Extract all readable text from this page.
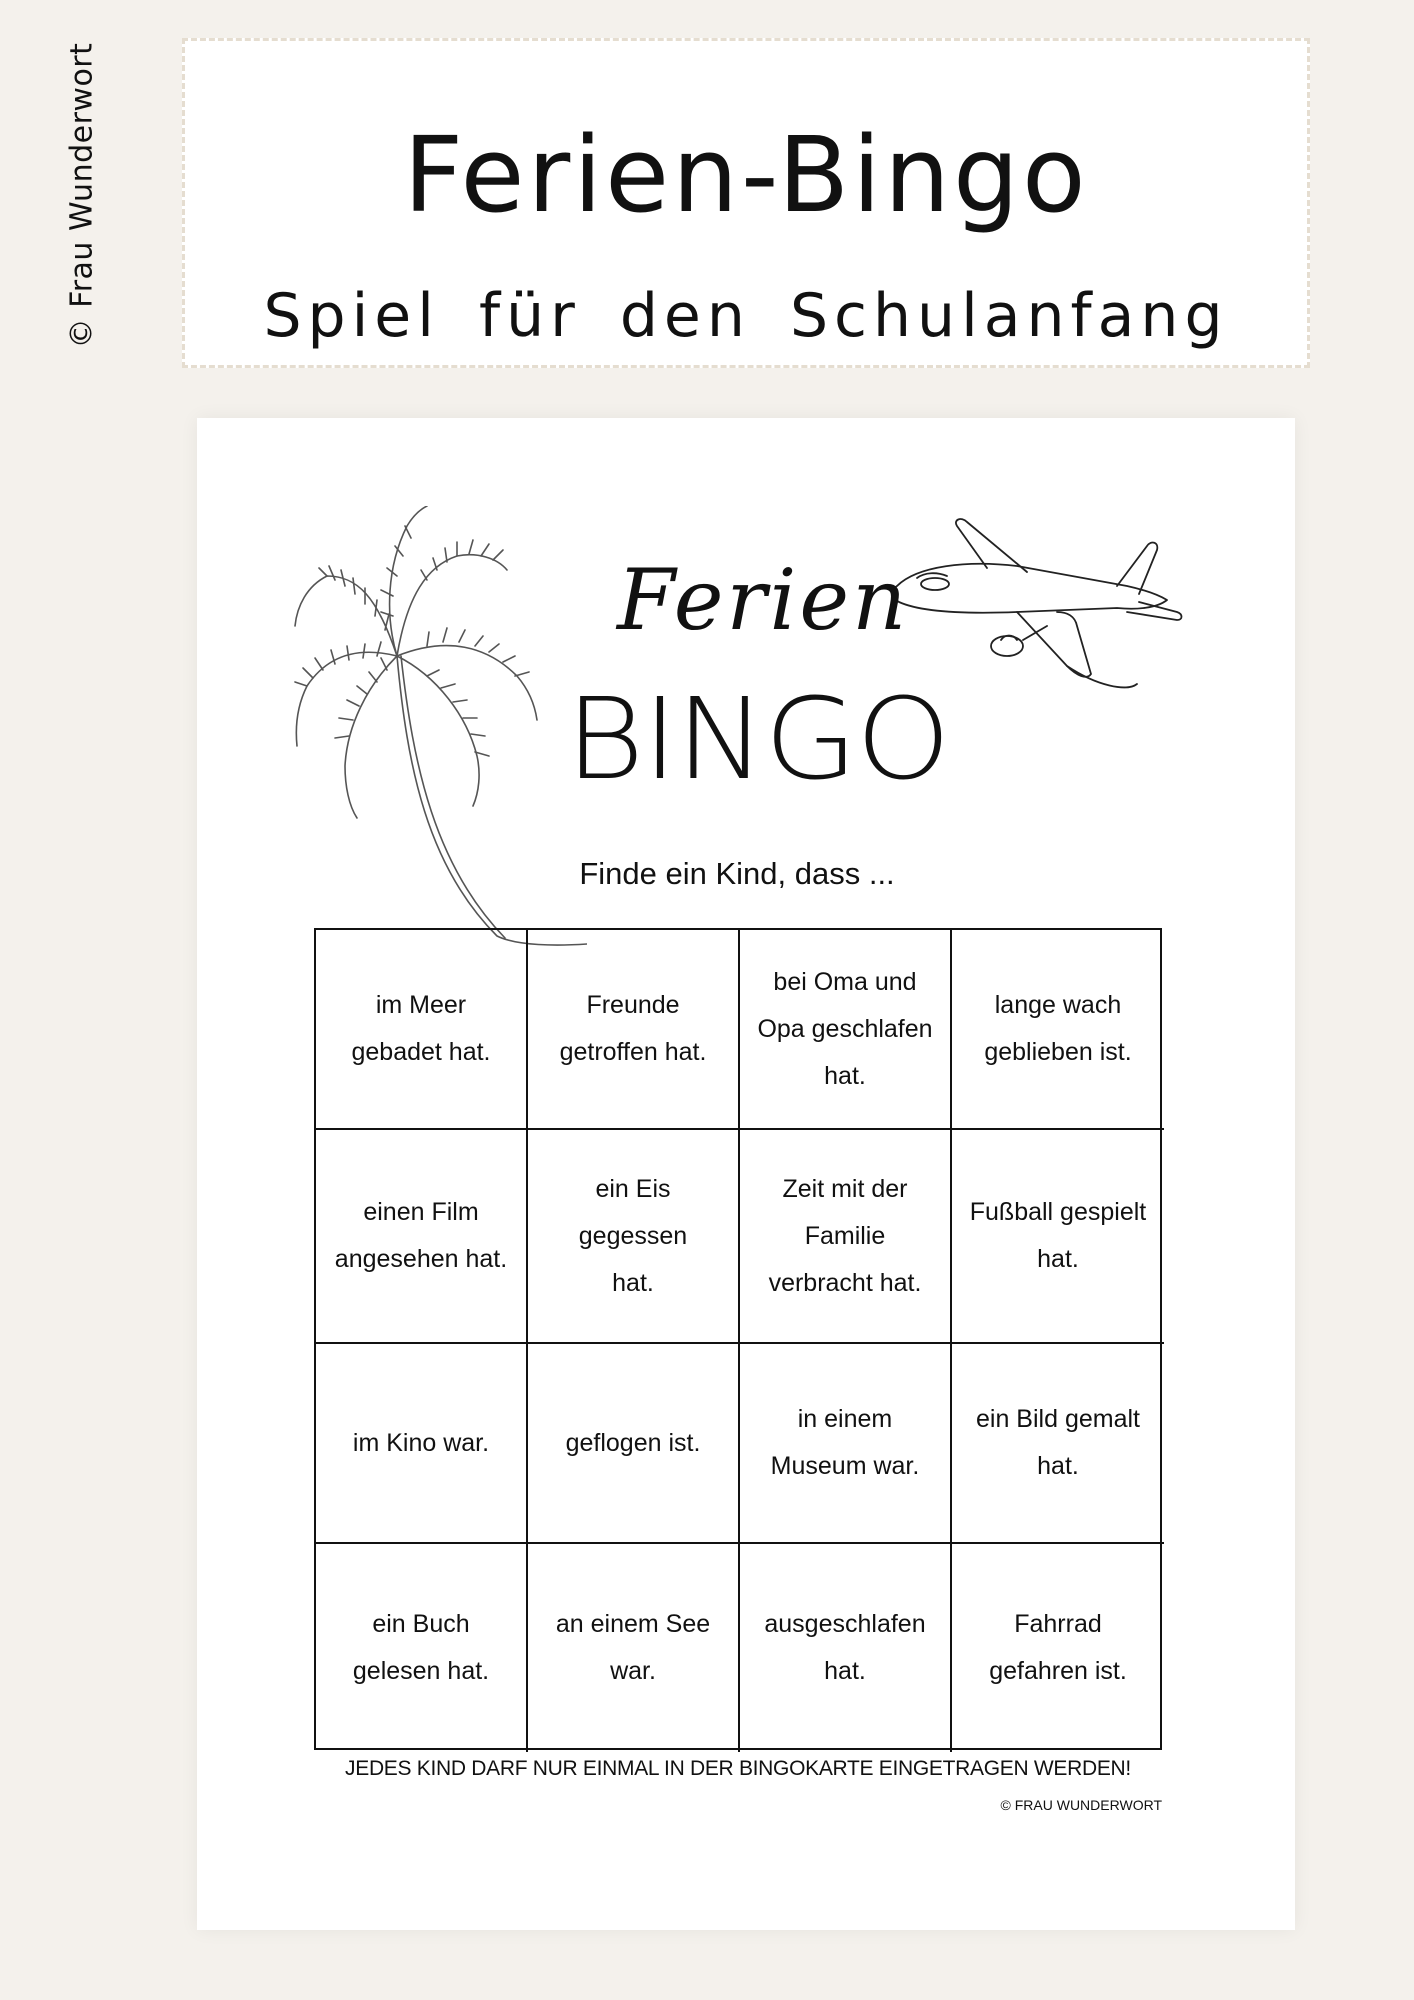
© Frau Wunderwort	Ferien-Bingo
Spiel für den Schulanfang
Ferien
BINGO
Finde ein Kind, dass ...
im Meer
gebadet hat.
Freunde
getroffen hat.
bei Oma und
Opa geschlafen
hat.
lange wach
geblieben ist.
einen Film
angesehen hat.
ein Eis gegessen
hat.
Zeit mit der
Familie
verbracht hat.
Fußball gespielt
hat.
im Kino war.	geflogen ist.
in einem
Museum war.
ein Bild gemalt
hat.
ein Buch
gelesen hat.
an einem See
war.
ausgeschlafen
hat.
Fahrrad
gefahren ist.
JEDES KIND DARF NUR EINMAL IN DER BINGOKARTE EINGETRAGEN WERDEN!
© FRAU WUNDERWORT
